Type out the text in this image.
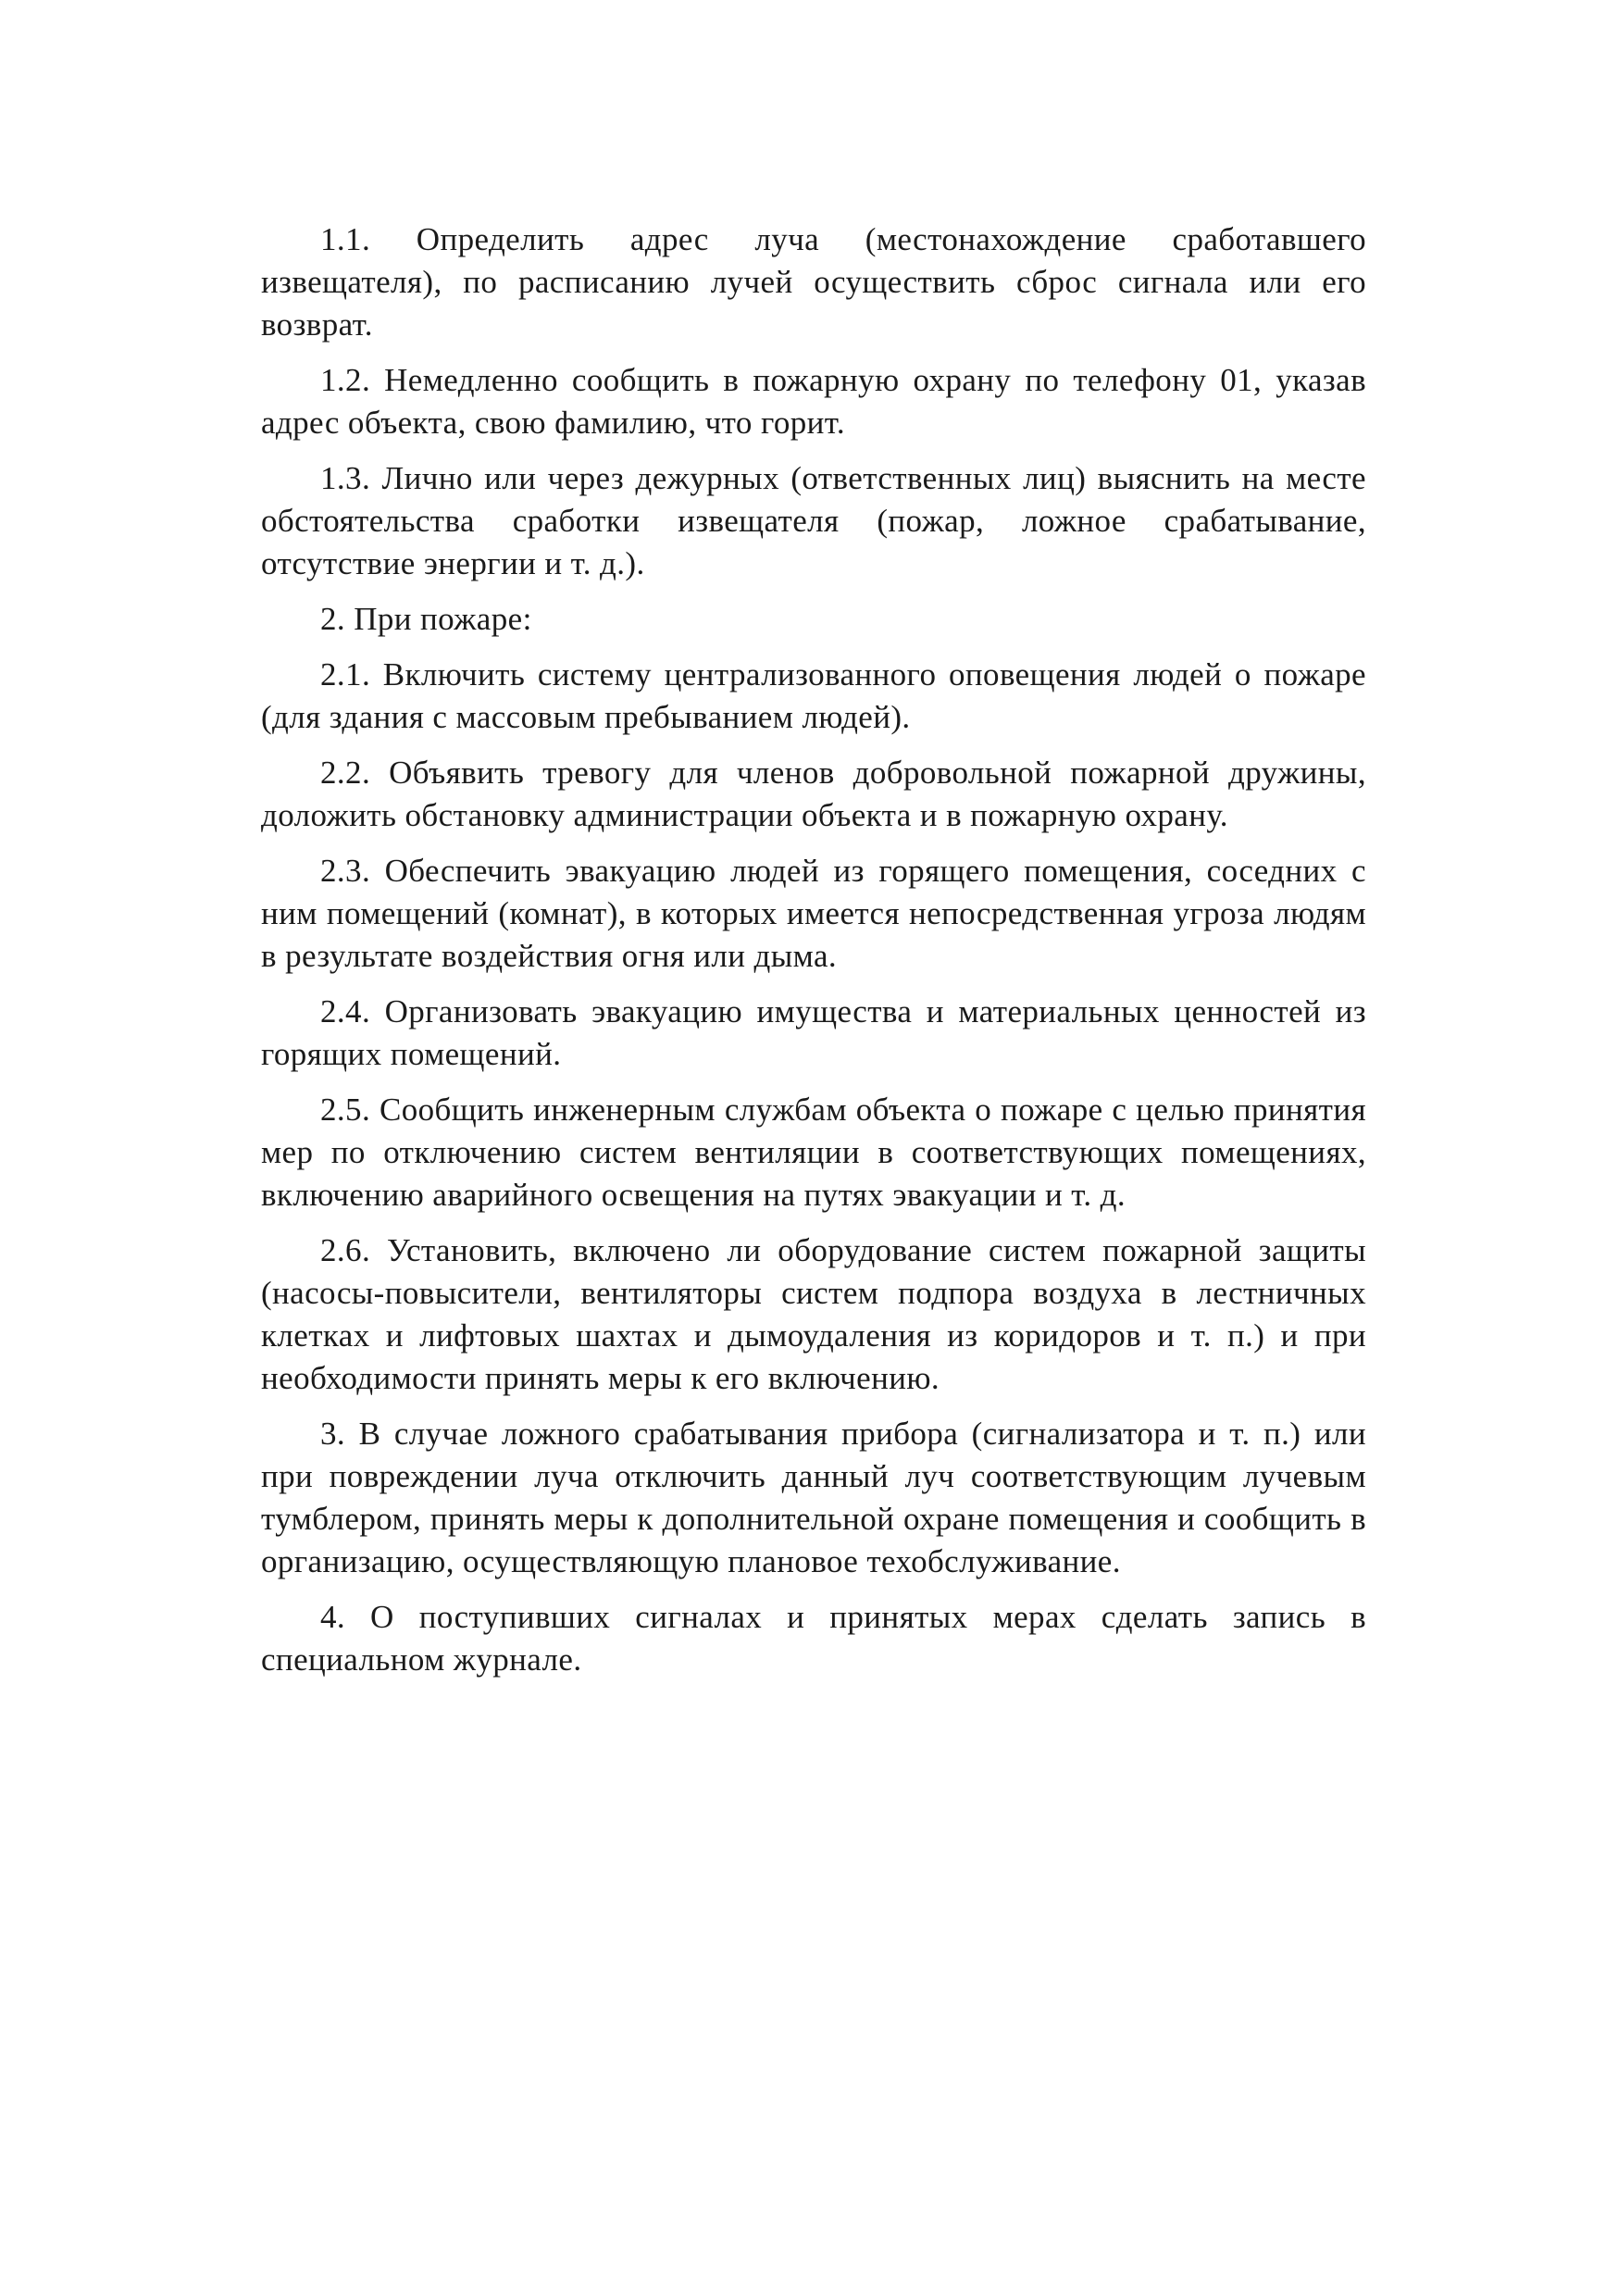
1.1. Определить адрес луча (местонахождение сработавшего извещателя), по расписанию лучей осуществить сброс сигнала или его возврат.

1.2. Немедленно сообщить в пожарную охрану по телефону 01, указав адрес объекта, свою фамилию, что горит.

1.3. Лично или через дежурных (ответственных лиц) выяснить на месте обстоятельства сработки извещателя (пожар, ложное срабатывание, отсутствие энергии и т. д.).

2. При пожаре:

2.1. Включить систему централизованного оповещения людей о пожаре (для здания с массовым пребыванием людей).

2.2. Объявить тревогу для членов добровольной пожарной дружины, доложить обстановку администрации объекта и в пожарную охрану.

2.3. Обеспечить эвакуацию людей из горящего помещения, соседних с ним помещений (комнат), в которых имеется непосредственная угроза людям в результате воздействия огня или дыма.

2.4. Организовать эвакуацию имущества и материальных ценностей из горящих помещений.

2.5. Сообщить инженерным службам объекта о пожаре с целью принятия мер по отключению систем вентиляции в соответствующих помещениях, включению аварийного освещения на путях эвакуации и т. д.

2.6. Установить, включено ли оборудование систем пожарной защиты (насосы-повысители, вентиляторы систем подпора воздуха в лестничных клетках и лифтовых шахтах и дымоудаления из коридоров и т. п.) и при необходимости принять меры к его включению.

3. В случае ложного срабатывания прибора (сигнализатора и т. п.) или при повреждении луча отключить данный луч соответствующим лучевым тумблером, принять меры к дополнительной охране помещения и сообщить в организацию, осуществляющую плановое техобслуживание.

4. О поступивших сигналах и принятых мерах сделать запись в специальном журнале.
